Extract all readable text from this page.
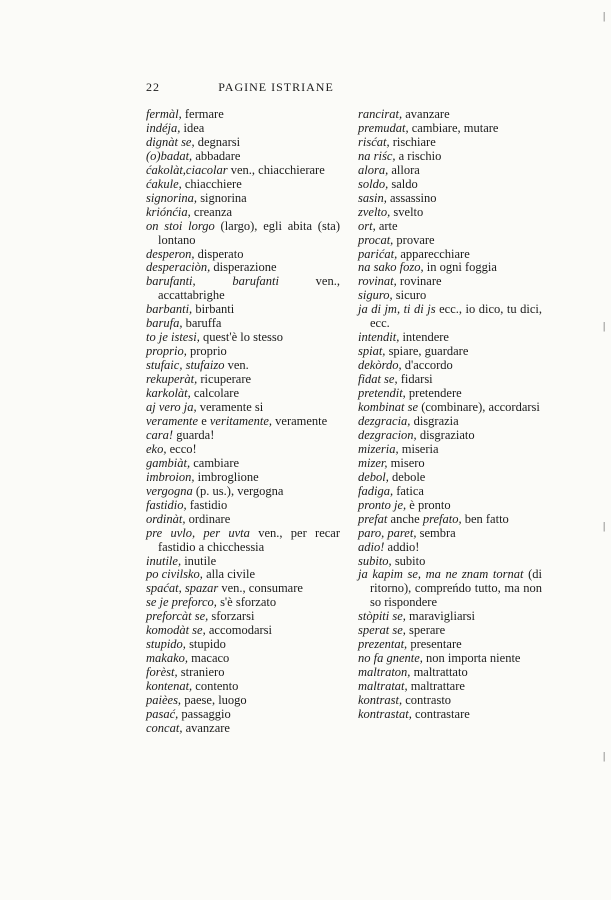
22	PAGINE ISTRIANE
fermàl, fermare
indéja, idea
dignàt se, degnarsi
(o)badat, abbadare
ćakolàt,ciacolar ven., chiacchierare
ćakule, chiacchiere
signorina, signorina
kriónćia, creanza
on stoi lorgo (largo), egli abita (sta) lontano
desperon, disperato
desperaciòn, disperazione
barufanti, barufanti ven., accattabrighe
barbanti, birbanti
barufa, baruffa
to je istesi, quest'è lo stesso
proprio, proprio
stufaic, stufaizo ven.
rekuperàt, ricuperare
karkolàt, calcolare
aj vero ja, veramente si
veramente e veritamente, veramente
cara! guarda!
eko, ecco!
gambiàt, cambiare
imbroion, imbroglione
vergogna (p. us.), vergogna
fastidio, fastidio
ordinàt, ordinare
pre uvlo, per uvta ven., per recar fastidio a chicchessia
inutile, inutile
po civilsko, alla civile
spaćat, spazar ven., consumare
se je preforco, s'è sforzato
preforcàt se, sforzarsi
komodàt se, accomodarsi
stupido, stupido
makako, macaco
forèst, straniero
kontenat, contento
paièes, paese, luogo
pasać, passaggio
concat, avanzare
rancirat, avanzare
premudat, cambiare, mutare
risćat, rischiare
na riśc, a rischio
alora, allora
soldo, saldo
sasin, assassino
zvelto, svelto
ort, arte
procat, provare
parićat, apparecchiare
na sako fozo, in ogni foggia
rovinat, rovinare
siguro, sicuro
ja di jm, ti di js ecc., io dico, tu dici, ecc.
intendit, intendere
spiat, spiare, guardare
dekòrdo, d'accordo
fidat se, fidarsi
pretendit, pretendere
kombinat se (combinare), accordarsi
dezgracia, disgrazia
dezgracion, disgraziato
mizeria, miseria
mizer, misero
debol, debole
fadiga, fatica
pronto je, è pronto
prefat anche prefato, ben fatto
paro, paret, sembra
adio! addio!
subito, subito
ja kapim se, ma ne znam tornat (di ritorno), compreńdo tutto, ma non so rispondere
stòpiti se, maravigliarsi
sperat se, sperare
prezentat, presentare
no fa gnente, non importa niente
maltraton, maltrattato
maltratat, maltrattare
kontrast, contrasto
kontrastat, contrastare
|
|
|
|
